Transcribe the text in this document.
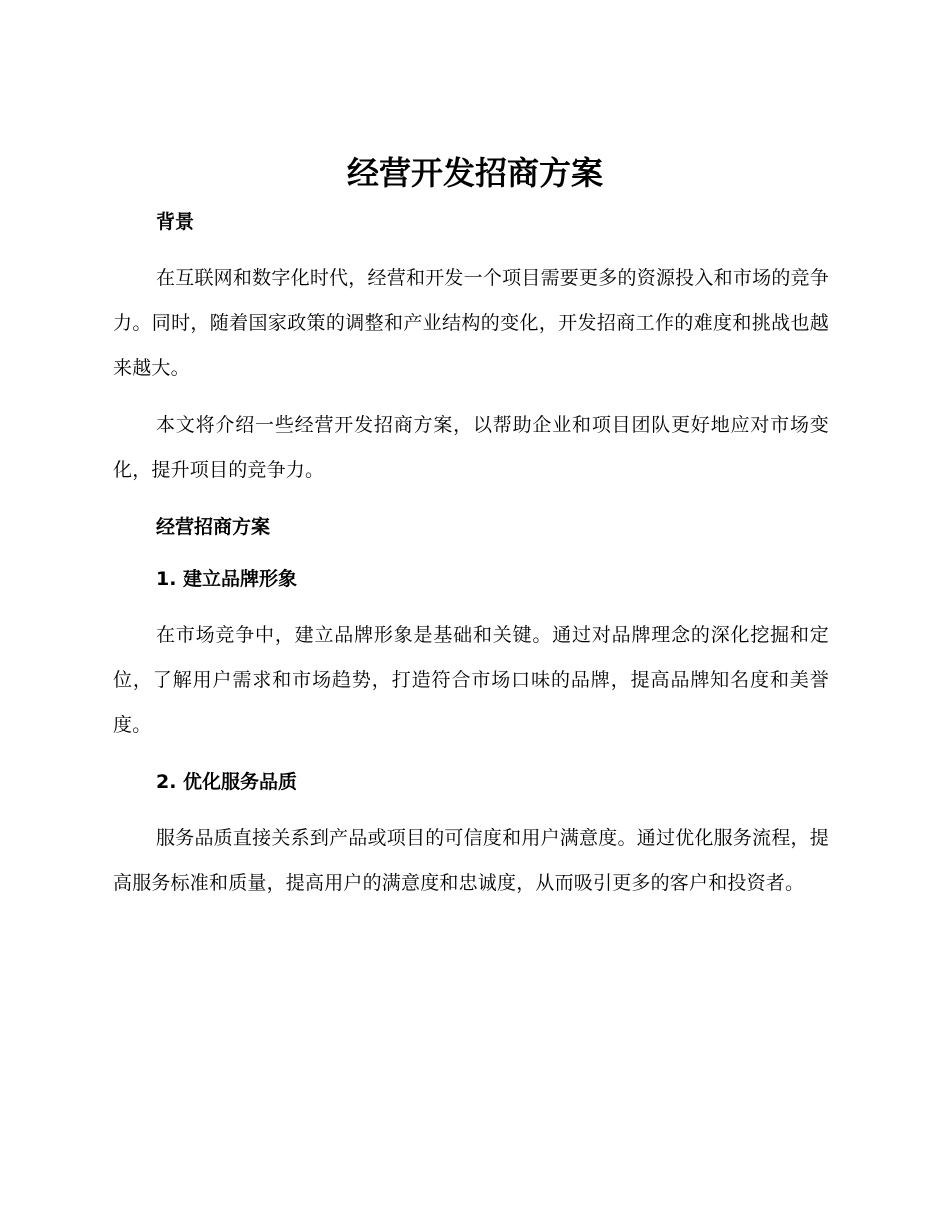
经营开发招商方案
背景

在互联网和数字化时代，经营和开发一个项目需要更多的资源投入和市场的竞争力。同时，随着国家政策的调整和产业结构的变化，开发招商工作的难度和挑战也越来越大。

本文将介绍一些经营开发招商方案，以帮助企业和项目团队更好地应对市场变化，提升项目的竞争力。

经营招商方案
1. 建立品牌形象

在市场竞争中，建立品牌形象是基础和关键。通过对品牌理念的深化挖掘和定位，了解用户需求和市场趋势，打造符合市场口味的品牌，提高品牌知名度和美誉度。

2. 优化服务品质

服务品质直接关系到产品或项目的可信度和用户满意度。通过优化服务流程，提高服务标准和质量，提高用户的满意度和忠诚度，从而吸引更多的客户和投资者。
